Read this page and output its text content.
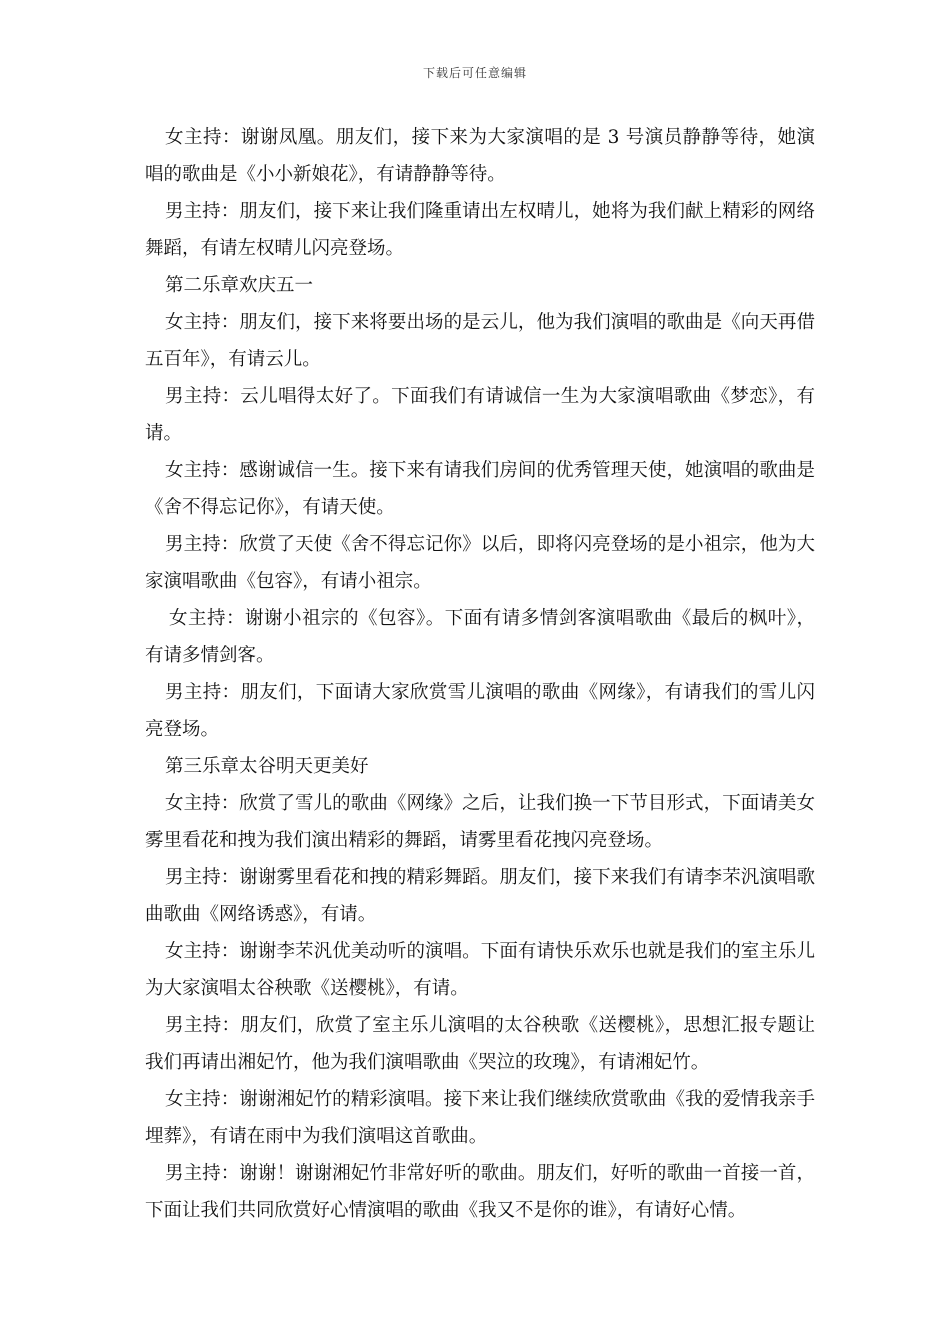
下载后可任意编辑

女主持：谢谢凤凰。朋友们，接下来为大家演唱的是 3 号演员静静等待，她演唱的歌曲是《小小新娘花》，有请静静等待。

男主持：朋友们，接下来让我们隆重请出左权晴儿，她将为我们献上精彩的网络舞蹈，有请左权晴儿闪亮登场。

第二乐章欢庆五一

女主持：朋友们，接下来将要出场的是云儿，他为我们演唱的歌曲是《向天再借五百年》，有请云儿。

男主持：云儿唱得太好了。下面我们有请诚信一生为大家演唱歌曲《梦恋》，有请。

女主持：感谢诚信一生。接下来有请我们房间的优秀管理天使，她演唱的歌曲是《舍不得忘记你》，有请天使。

男主持：欣赏了天使《舍不得忘记你》以后，即将闪亮登场的是小祖宗，他为大家演唱歌曲《包容》，有请小祖宗。

女主持：谢谢小祖宗的《包容》。下面有请多情剑客演唱歌曲《最后的枫叶》，有请多情剑客。

男主持：朋友们，下面请大家欣赏雪儿演唱的歌曲《网缘》，有请我们的雪儿闪亮登场。

第三乐章太谷明天更美好

女主持：欣赏了雪儿的歌曲《网缘》之后，让我们换一下节目形式，下面请美女雾里看花和拽为我们演出精彩的舞蹈，请雾里看花拽闪亮登场。

男主持：谢谢雾里看花和拽的精彩舞蹈。朋友们，接下来我们有请李芣汎演唱歌曲歌曲《网络诱惑》，有请。

女主持：谢谢李芣汎优美动听的演唱。下面有请快乐欢乐也就是我们的室主乐儿为大家演唱太谷秧歌《送樱桃》，有请。

男主持：朋友们，欣赏了室主乐儿演唱的太谷秧歌《送樱桃》，思想汇报专题让我们再请出湘妃竹，他为我们演唱歌曲《哭泣的玫瑰》，有请湘妃竹。

女主持：谢谢湘妃竹的精彩演唱。接下来让我们继续欣赏歌曲《我的爱情我亲手埋葬》，有请在雨中为我们演唱这首歌曲。

男主持：谢谢！谢谢湘妃竹非常好听的歌曲。朋友们，好听的歌曲一首接一首，下面让我们共同欣赏好心情演唱的歌曲《我又不是你的谁》，有请好心情。
